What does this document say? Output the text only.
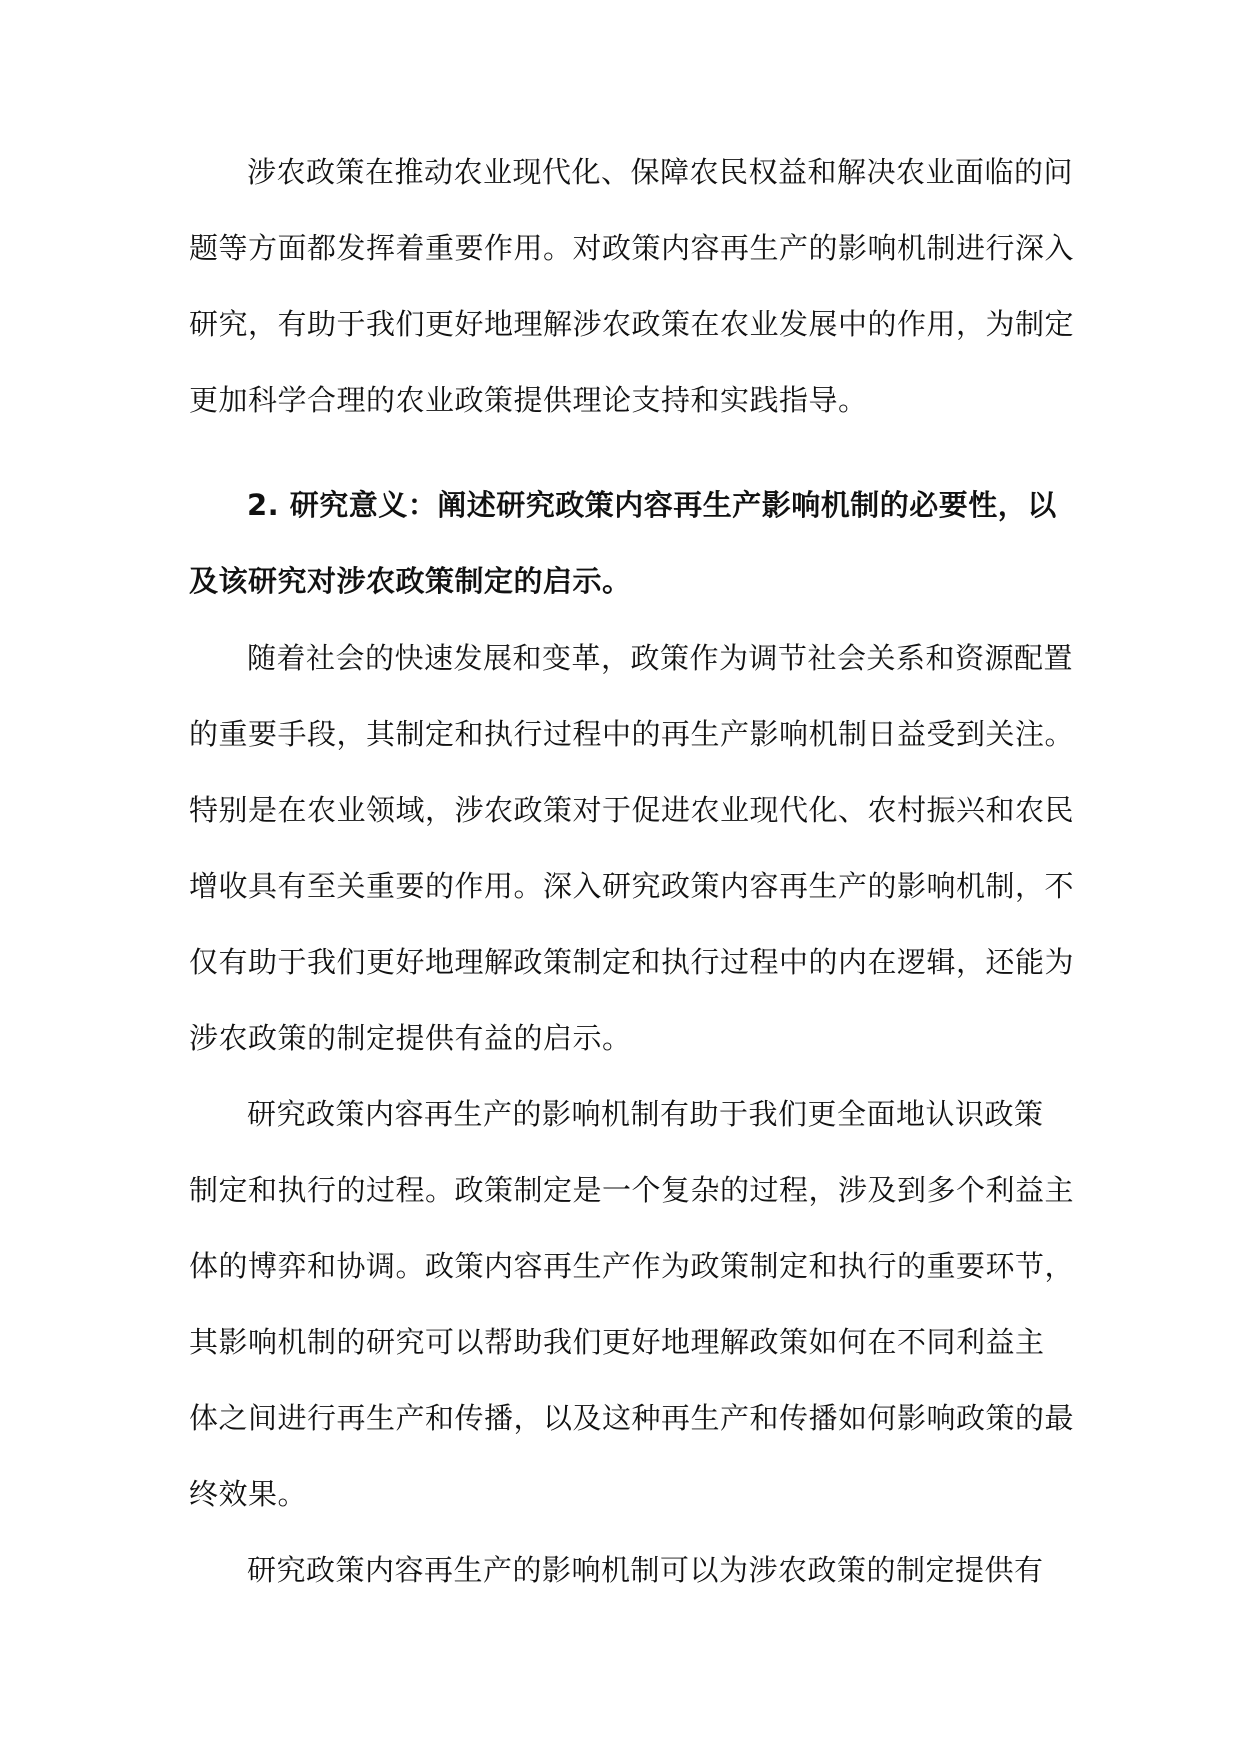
涉农政策在推动农业现代化、保障农民权益和解决农业面临的问
题等方面都发挥着重要作用。对政策内容再生产的影响机制进行深入
研究，有助于我们更好地理解涉农政策在农业发展中的作用，为制定
更加科学合理的农业政策提供理论支持和实践指导。
2. 研究意义：阐述研究政策内容再生产影响机制的必要性，以
及该研究对涉农政策制定的启示。
随着社会的快速发展和变革，政策作为调节社会关系和资源配置
的重要手段，其制定和执行过程中的再生产影响机制日益受到关注。
特别是在农业领域，涉农政策对于促进农业现代化、农村振兴和农民
增收具有至关重要的作用。深入研究政策内容再生产的影响机制，不
仅有助于我们更好地理解政策制定和执行过程中的内在逻辑，还能为
涉农政策的制定提供有益的启示。
研究政策内容再生产的影响机制有助于我们更全面地认识政策
制定和执行的过程。政策制定是一个复杂的过程，涉及到多个利益主
体的博弈和协调。政策内容再生产作为政策制定和执行的重要环节，
其影响机制的研究可以帮助我们更好地理解政策如何在不同利益主
体之间进行再生产和传播，以及这种再生产和传播如何影响政策的最
终效果。
研究政策内容再生产的影响机制可以为涉农政策的制定提供有
